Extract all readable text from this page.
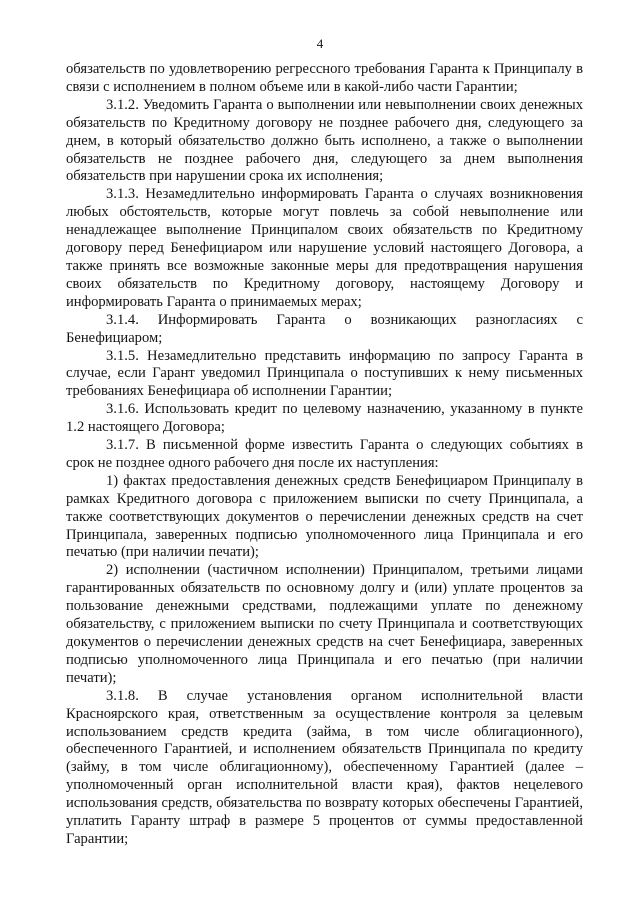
4

обязательств по удовлетворению регрессного требования Гаранта к Принципалу в связи с исполнением в полном объеме или в какой-либо части Гарантии;

3.1.2. Уведомить Гаранта о выполнении или невыполнении своих денежных обязательств по Кредитному договору не позднее рабочего дня, следующего за днем, в который обязательство должно быть исполнено, а также о выполнении обязательств не позднее рабочего дня, следующего за днем выполнения обязательств при нарушении срока их исполнения;

3.1.3. Незамедлительно информировать Гаранта о случаях возникновения любых обстоятельств, которые могут повлечь за собой невыполнение или ненадлежащее выполнение Принципалом своих обязательств по Кредитному договору перед Бенефициаром или нарушение условий настоящего Договора, а также принять все возможные законные меры для предотвращения нарушения своих обязательств по Кредитному договору, настоящему Договору и информировать Гаранта о принимаемых мерах;

3.1.4. Информировать Гаранта о возникающих разногласиях с Бенефициаром;

3.1.5. Незамедлительно представить информацию по запросу Гаранта в случае, если Гарант уведомил Принципала о поступивших к нему письменных требованиях Бенефициара об исполнении Гарантии;

3.1.6. Использовать кредит по целевому назначению, указанному в пункте 1.2 настоящего Договора;

3.1.7. В письменной форме известить Гаранта о следующих событиях в срок не позднее одного рабочего дня после их наступления:

1) фактах предоставления денежных средств Бенефициаром Принципалу в рамках Кредитного договора с приложением выписки по счету Принципала, а также соответствующих документов о перечислении денежных средств на счет Принципала, заверенных подписью уполномоченного лица Принципала и его печатью (при наличии печати);

2) исполнении (частичном исполнении) Принципалом, третьими лицами гарантированных обязательств по основному долгу и (или) уплате процентов за пользование денежными средствами, подлежащими уплате по денежному обязательству, с приложением выписки по счету Принципала и соответствующих документов о перечислении денежных средств на счет Бенефициара, заверенных подписью уполномоченного лица Принципала и его печатью (при наличии печати);

3.1.8. В случае установления органом исполнительной власти Красноярского края, ответственным за осуществление контроля за целевым использованием средств кредита (займа, в том числе облигационного), обеспеченного Гарантией, и исполнением обязательств Принципала по кредиту (займу, в том числе облигационному), обеспеченному Гарантией (далее – уполномоченный орган исполнительной власти края), фактов нецелевого использования средств, обязательства по возврату которых обеспечены Гарантией, уплатить Гаранту штраф в размере 5 процентов от суммы предоставленной Гарантии;
